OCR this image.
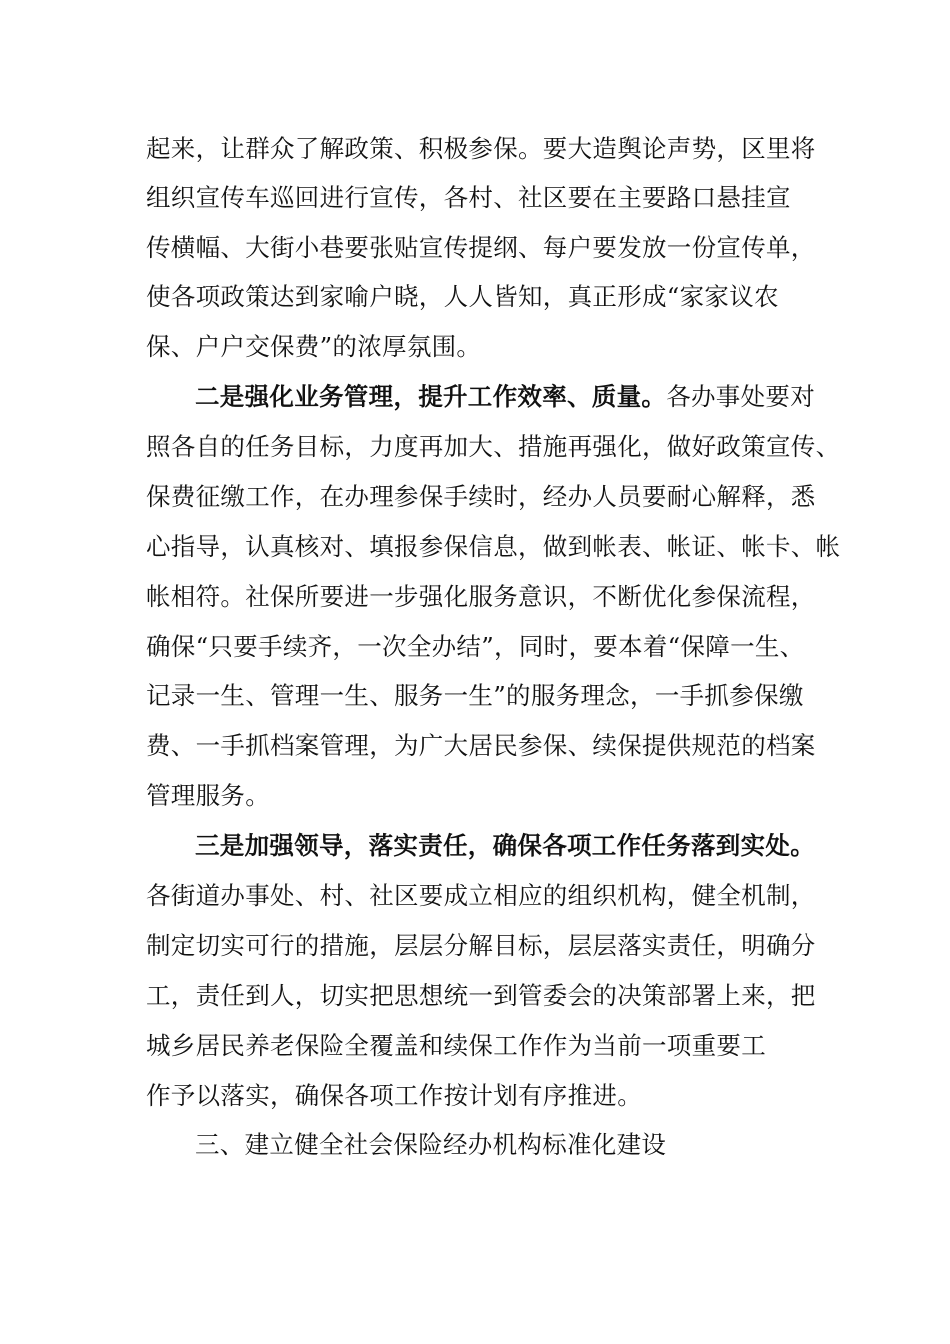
起来，让群众了解政策、积极参保。要大造舆论声势，区里将
组织宣传车巡回进行宣传，各村、社区要在主要路口悬挂宣
传横幅、大街小巷要张贴宣传提纲、每户要发放一份宣传单，
使各项政策达到家喻户晓，人人皆知，真正形成“家家议农
保、户户交保费”的浓厚氛围。
二是强化业务管理，提升工作效率、质量。各办事处要对
照各自的任务目标，力度再加大、措施再强化，做好政策宣传、
保费征缴工作，在办理参保手续时，经办人员要耐心解释，悉
心指导，认真核对、填报参保信息，做到帐表、帐证、帐卡、帐
帐相符。社保所要进一步强化服务意识，不断优化参保流程，
确保“只要手续齐，一次全办结”，同时，要本着“保障一生、
记录一生、管理一生、服务一生”的服务理念，一手抓参保缴
费、一手抓档案管理，为广大居民参保、续保提供规范的档案
管理服务。
三是加强领导，落实责任，确保各项工作任务落到实处。
各街道办事处、村、社区要成立相应的组织机构，健全机制，
制定切实可行的措施，层层分解目标，层层落实责任，明确分
工，责任到人，切实把思想统一到管委会的决策部署上来，把
城乡居民养老保险全覆盖和续保工作作为当前一项重要工
作予以落实，确保各项工作按计划有序推进。
三、建立健全社会保险经办机构标准化建设
